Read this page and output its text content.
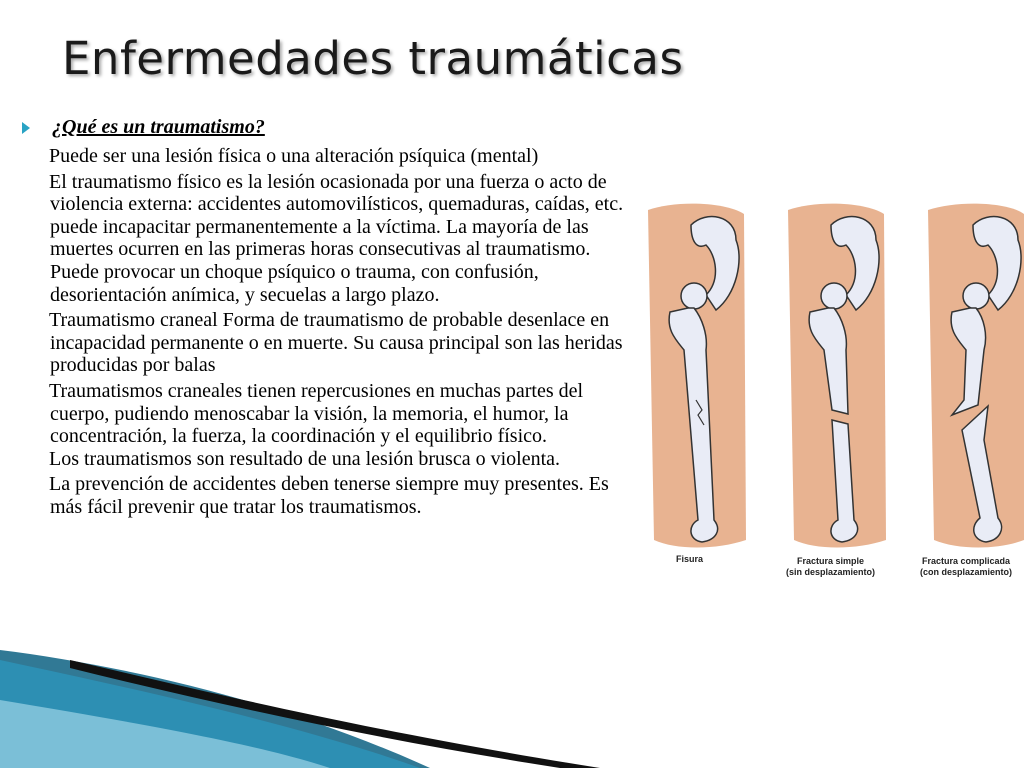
Enfermedades traumáticas
¿Qué es un traumatismo?

Puede ser una lesión física o una alteración psíquica (mental)

El traumatismo físico es la lesión ocasionada por una fuerza o acto de violencia externa: accidentes automovilísticos, quemaduras, caídas, etc. puede incapacitar permanentemente a la víctima. La mayoría de las muertes ocurren en las primeras horas consecutivas al traumatismo. Puede provocar un choque psíquico o trauma, con confusión, desorientación anímica, y secuelas a largo plazo.

Traumatismo craneal Forma de traumatismo de probable desenlace en incapacidad permanente o en muerte. Su causa principal son las heridas producidas por balas

Traumatismos craneales tienen repercusiones en muchas partes del cuerpo, pudiendo menoscabar la visión, la memoria, el humor, la concentración, la fuerza, la coordinación y el equilibrio físico.

Los traumatismos son resultado de una lesión brusca o violenta.

La prevención de accidentes deben tenerse siempre muy presentes. Es más fácil prevenir que tratar los traumatismos.

Fisura	Fractura simple
(sin desplazamiento)
Fractura complicada
(con desplazamiento)
